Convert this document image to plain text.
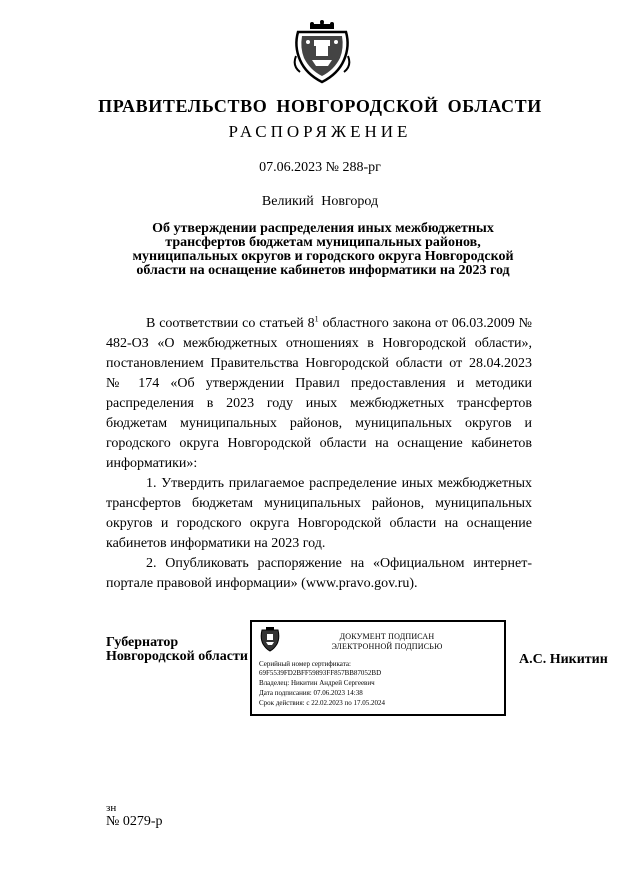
ПРАВИТЕЛЬСТВО НОВГОРОДСКОЙ ОБЛАСТИ
РАСПОРЯЖЕНИЕ
07.06.2023 № 288-рг
Великий Новгород
Об утверждении распределения иных межбюджетных трансфертов бюджетам муниципальных районов, муниципальных округов и городского округа Новгородской области на оснащение кабинетов информатики на 2023 год

В соответствии со статьей $8^1$ областного закона от 06.03.2009 № 482-ОЗ «О межбюджетных отношениях в Новгородской области», постановлением Правительства Новгородской области от 28.04.2023 № 174 «Об утверждении Правил предоставления и методики распределения в 2023 году иных межбюджетных трансфертов бюджетам муниципальных районов, муниципальных округов и городского округа Новгородской области на оснащение кабинетов информатики»:

1. Утвердить прилагаемое распределение иных межбюджетных трансфертов бюджетам муниципальных районов, муниципальных округов и городского округа Новгородской области на оснащение кабинетов информатики на 2023 год.

2. Опубликовать распоряжение на «Официальном интернет-портале правовой информации» (www.pravo.gov.ru).

Губернатор
Новгородской области
ДОКУМЕНТ ПОДПИСАН
ЭЛЕКТРОННОЙ ПОДПИСЬЮ
Серийный номер сертификата:
69F5539FD2BFF59893FF857BB87052BD
Владелец: Никитин Андрей Сергеевич
Дата подписания: 07.06.2023 14:38
Срок действия: с 22.02.2023 по 17.05.2024
А.С. Никитин
зн
№ 0279-р
